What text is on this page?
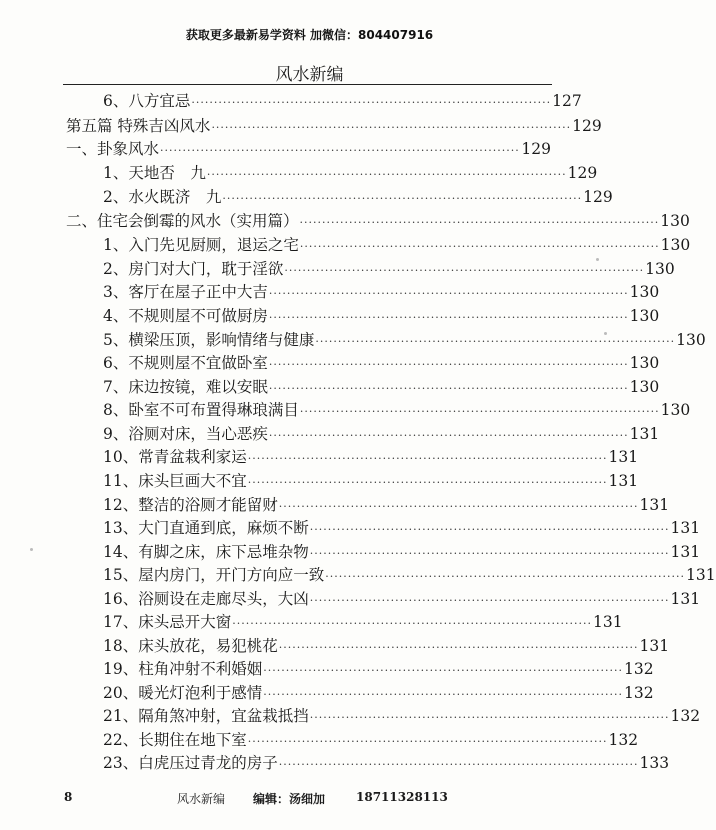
获取更多最新易学资料 加微信：804407916
风水新编
6、八方宜忌 ················································································ 127
第五篇 特殊吉凶风水 ················································································ 129
一、卦象风水 ················································································ 129
1、天地否　九 ················································································ 129
2、水火既济　九 ················································································ 129
二、住宅会倒霉的风水（实用篇） ················································································ 130
1、入门先见厨厕，退运之宅 ················································································ 130
2、房门对大门，耽于淫欲 ················································································ 130
3、客厅在屋子正中大吉 ················································································ 130
4、不规则屋不可做厨房 ················································································ 130
5、横梁压顶，影响情绪与健康 ················································································ 130
6、不规则屋不宜做卧室 ················································································ 130
7、床边按镜，难以安眠 ················································································ 130
8、卧室不可布置得琳琅满目 ················································································ 130
9、浴厕对床，当心恶疾 ················································································ 131
10、常青盆栽利家运 ················································································ 131
11、床头巨画大不宜 ················································································ 131
12、整洁的浴厕才能留财 ················································································ 131
13、大门直通到底，麻烦不断 ················································································ 131
14、有脚之床，床下忌堆杂物 ················································································ 131
15、屋内房门，开门方向应一致 ················································································ 131
16、浴厕设在走廊尽头，大凶 ················································································ 131
17、床头忌开大窗 ················································································ 131
18、床头放花，易犯桃花 ················································································ 131
19、柱角冲射不利婚姻 ················································································ 132
20、暖光灯泡利于感情 ················································································ 132
21、隔角煞冲射，宜盆栽抵挡 ················································································ 132
22、长期住在地下室 ················································································ 132
23、白虎压过青龙的房子 ················································································ 133
8	风水新编 编辑：汤细加	18711328113
